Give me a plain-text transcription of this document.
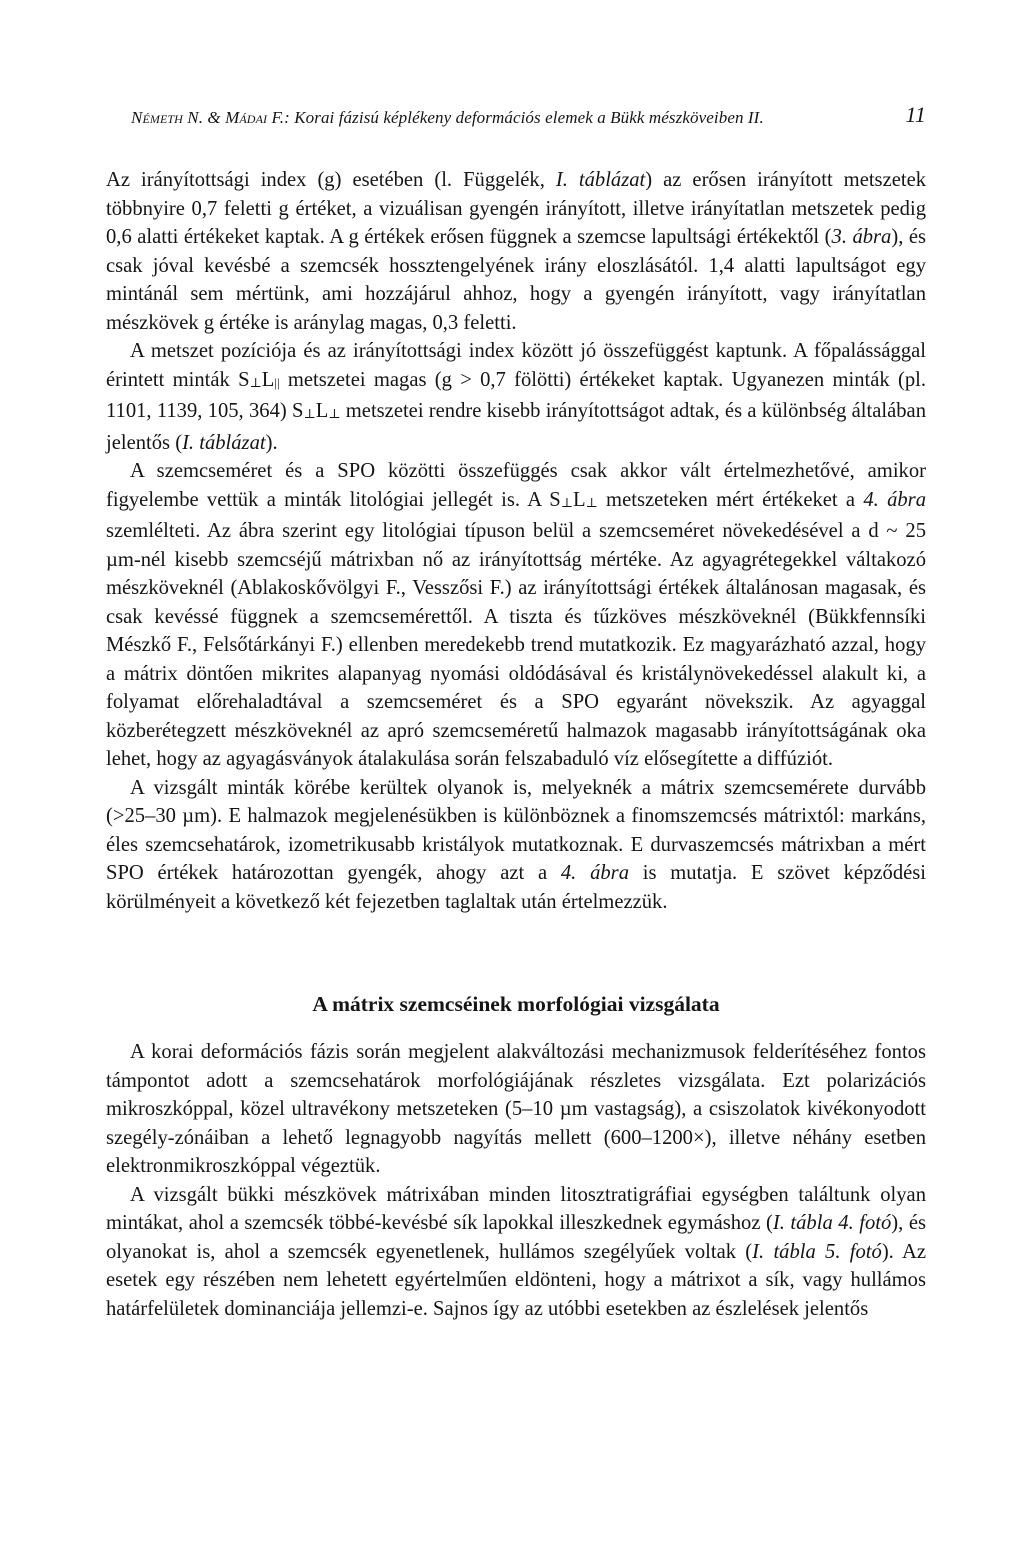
Németh N. & Mádai F.: Korai fázisú képlékeny deformációs elemek a Bükk mészköveiben II.	11

Az irányítottsági index (g) esetében (l. Függelék, I. táblázat) az erősen irányított metszetek többnyire 0,7 feletti g értéket, a vizuálisan gyengén irányított, illetve irányítatlan metszetek pedig 0,6 alatti értékeket kaptak. A g értékek erősen függnek a szemcse lapultsági értékektől (3. ábra), és csak jóval kevésbé a szemcsék hossztengelyének irány eloszlásától. 1,4 alatti lapultságot egy mintánál sem mértünk, ami hozzájárul ahhoz, hogy a gyengén irányított, vagy irányítatlan mészkövek g értéke is aránylag magas, 0,3 feletti.

A metszet pozíciója és az irányítottsági index között jó összefüggést kaptunk. A főpalássággal érintett minták S⊥L|| metszetei magas (g > 0,7 fölötti) értékeket kaptak. Ugyanezen minták (pl. 1101, 1139, 105, 364) S⊥L⊥ metszetei rendre kisebb irányítottságot adtak, és a különbség általában jelentős (I. táblázat).

A szemcseméret és a SPO közötti összefüggés csak akkor vált értelmezhetővé, amikor figyelembe vettük a minták litológiai jellegét is. A S⊥L⊥ metszeteken mért értékeket a 4. ábra szemlélteti. Az ábra szerint egy litológiai típuson belül a szemcseméret növekedésével a d ~ 25 µm-nél kisebb szemcséjű mátrixban nő az irányítottság mértéke. Az agyagrétegekkel váltakozó mészköveknél (Ablakoskővölgyi F., Vesszősi F.) az irányítottsági értékek általánosan magasak, és csak kevéssé függnek a szemcsemérettől. A tiszta és tűzköves mészköveknél (Bükkfennsíki Mészkő F., Felsőtárkányi F.) ellenben meredekebb trend mutatkozik. Ez magyarázható azzal, hogy a mátrix döntően mikrites alapanyag nyomási oldódásával és kristálynövekedéssel alakult ki, a folyamat előrehaladtával a szemcseméret és a SPO egyaránt növekszik. Az agyaggal közberétegzett mészköveknél az apró szemcseméretű halmazok magasabb irányítottságának oka lehet, hogy az agyagásványok átalakulása során felszabaduló víz elősegítette a diffúziót.

A vizsgált minták körébe kerültek olyanok is, melyeknék a mátrix szemcsemérete durvább (>25–30 µm). E halmazok megjelenésükben is különböznek a finomszemcsés mátrixtól: markáns, éles szemcsehatárok, izometrikusabb kristályok mutatkoznak. E durvaszemcsés mátrixban a mért SPO értékek határozottan gyengék, ahogy azt a 4. ábra is mutatja. E szövet képződési körülményeit a következő két fejezetben taglaltak után értelmezzük.

A mátrix szemcséinek morfológiai vizsgálata

A korai deformációs fázis során megjelent alakváltozási mechanizmusok felderítéséhez fontos támpontot adott a szemcsehatárok morfológiájának részletes vizsgálata. Ezt polarizációs mikroszkóppal, közel ultravékony metszeteken (5–10 µm vastagság), a csiszolatok kivékonyodott szegély-zónáiban a lehető legnagyobb nagyítás mellett (600–1200×), illetve néhány esetben elektronmikroszkóppal végeztük.

A vizsgált bükki mészkövek mátrixában minden litosztratigráfiai egységben találtunk olyan mintákat, ahol a szemcsék többé-kevésbé sík lapokkal illeszkednek egymáshoz (I. tábla 4. fotó), és olyanokat is, ahol a szemcsék egyenetlenek, hullámos szegélyűek voltak (I. tábla 5. fotó). Az esetek egy részében nem lehetett egyértelműen eldönteni, hogy a mátrixot a sík, vagy hullámos határfelületek dominanciája jellemzi-e. Sajnos így az utóbbi esetekben az észlelések jelentős
